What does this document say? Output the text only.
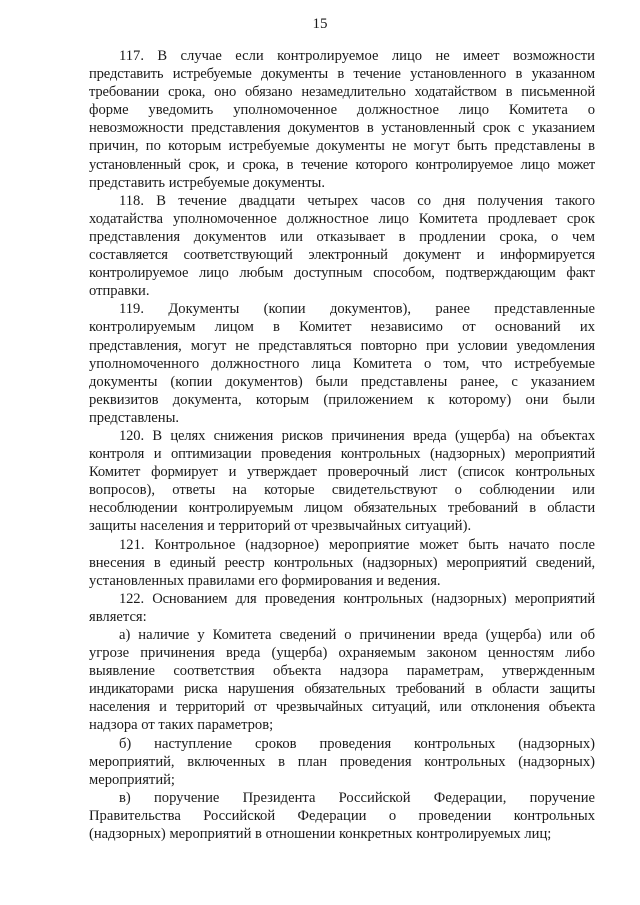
15
117. В случае если контролируемое лицо не имеет возможности
представить истребуемые документы в течение установленного в указанном
требовании срока, оно обязано незамедлительно ходатайством в письменной
форме уведомить уполномоченное должностное лицо Комитета о
невозможности представления документов в установленный срок с указанием
причин, по которым истребуемые документы не могут быть представлены в
установленный срок, и срока, в течение которого контролируемое лицо может
представить истребуемые документы.
118. В течение двадцати четырех часов со дня получения такого
ходатайства уполномоченное должностное лицо Комитета продлевает срок
представления документов или отказывает в продлении срока, о чем
составляется соответствующий электронный документ и информируется
контролируемое лицо любым доступным способом, подтверждающим факт
отправки.
119. Документы (копии документов), ранее представленные
контролируемым лицом в Комитет независимо от оснований их
представления, могут не представляться повторно при условии уведомления
уполномоченного должностного лица Комитета о том, что истребуемые
документы (копии документов) были представлены ранее, с указанием
реквизитов документа, которым (приложением к которому) они были
представлены.
120. В целях снижения рисков причинения вреда (ущерба) на объектах
контроля и оптимизации проведения контрольных (надзорных) мероприятий
Комитет формирует и утверждает проверочный лист (список контрольных
вопросов), ответы на которые свидетельствуют о соблюдении или
несоблюдении контролируемым лицом обязательных требований в области
защиты населения и территорий от чрезвычайных ситуаций).
121. Контрольное (надзорное) мероприятие может быть начато после
внесения в единый реестр контрольных (надзорных) мероприятий сведений,
установленных правилами его формирования и ведения.
122. Основанием для проведения контрольных (надзорных) мероприятий
является:
а) наличие у Комитета сведений о причинении вреда (ущерба) или об
угрозе причинения вреда (ущерба) охраняемым законом ценностям либо
выявление соответствия объекта надзора параметрам, утвержденным
индикаторами риска нарушения обязательных требований в области защиты
населения и территорий от чрезвычайных ситуаций, или отклонения объекта
надзора от таких параметров;
б) наступление сроков проведения контрольных (надзорных)
мероприятий, включенных в план проведения контрольных (надзорных)
мероприятий;
в) поручение Президента Российской Федерации, поручение
Правительства Российской Федерации о проведении контрольных
(надзорных) мероприятий в отношении конкретных контролируемых лиц;
